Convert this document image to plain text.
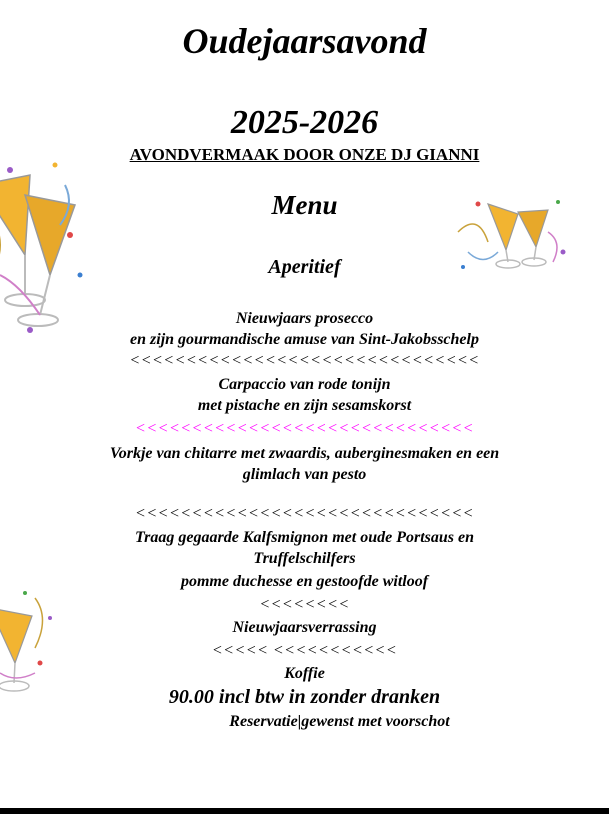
Oudejaarsavond
2025-2026
AVONDVERMAAK DOOR ONZE DJ GIANNI
Menu
Aperitief
Nieuwjaars prosecco
en zijn gourmandische amuse van Sint-Jakobsschelp
<<<<<<<<<<<<<<<<<<<<<<<<<<<<<<<
Carpaccio van rode tonijn
met pistache en zijn sesamskorst
<<<<<<<<<<<<<<<<<<<<<<<<<<<<<<
Vorkje van chitarre met zwaardis, auberginesmaken en een
glimlach van pesto
<<<<<<<<<<<<<<<<<<<<<<<<<<<<<<
Traag gegaarde Kalfsmignon met oude Portsaus en
Truffelschilfers
pomme duchesse en gestoofde witloof
<<<<<<<<
Nieuwjaarsverrassing
<<<<< <<<<<<<<<<<
Koffie
90.00 incl btw in zonder dranken
Reservatie|gewenst met voorschot
